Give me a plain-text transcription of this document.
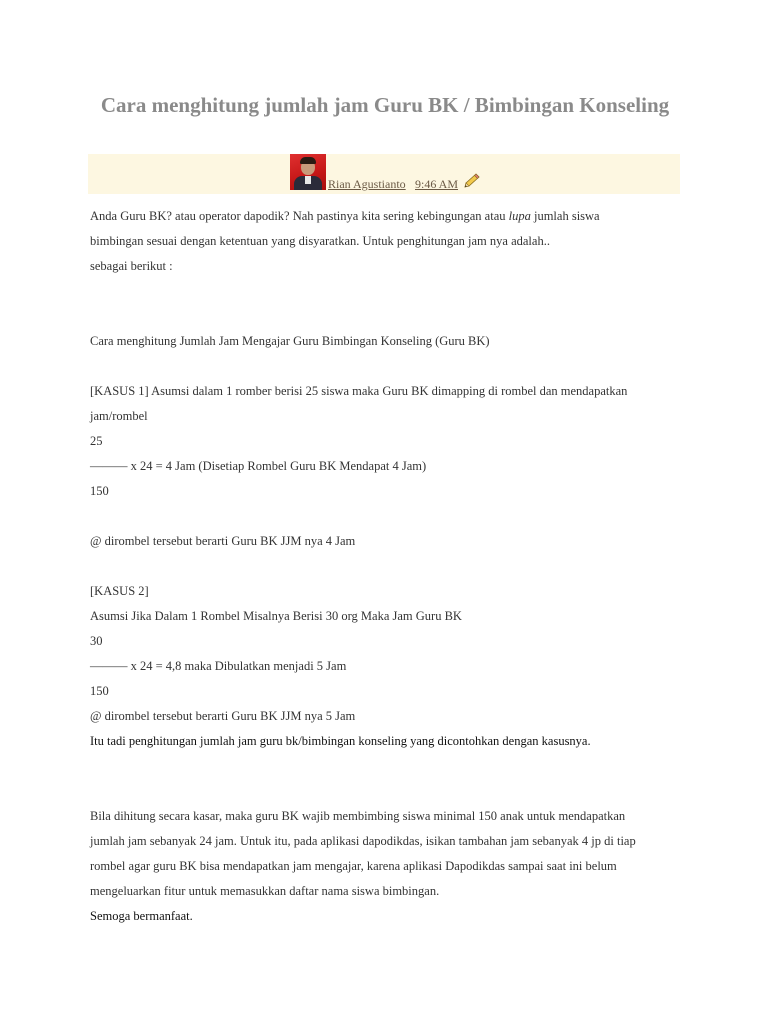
Cara menghitung jumlah jam Guru BK / Bimbingan Konseling
Rian Agustianto 9:46 AM

Anda Guru BK? atau operator dapodik? Nah pastinya kita sering kebingungan atau lupa jumlah siswa

bimbingan sesuai dengan ketentuan yang disyaratkan. Untuk penghitungan jam nya adalah..

sebagai berikut :

Cara menghitung Jumlah Jam Mengajar Guru Bimbingan Konseling (Guru BK)

[KASUS 1] Asumsi dalam 1 romber berisi 25 siswa maka Guru BK dimapping di rombel dan mendapatkan

jam/rombel

25

——— x 24 = 4 Jam (Disetiap Rombel Guru BK Mendapat 4 Jam)

150

@ dirombel tersebut berarti Guru BK JJM nya 4 Jam

[KASUS 2]

Asumsi Jika Dalam 1 Rombel Misalnya Berisi 30 org Maka Jam Guru BK

30

——— x 24 = 4,8 maka Dibulatkan menjadi 5 Jam

150

@ dirombel tersebut berarti Guru BK JJM nya 5 Jam

Itu tadi penghitungan jumlah jam guru bk/bimbingan konseling yang dicontohkan dengan kasusnya.

Bila dihitung secara kasar, maka guru BK wajib membimbing siswa minimal 150 anak untuk mendapatkan

jumlah jam sebanyak 24 jam. Untuk itu, pada aplikasi dapodikdas, isikan tambahan jam sebanyak 4 jp di tiap

rombel agar guru BK bisa mendapatkan jam mengajar, karena aplikasi Dapodikdas sampai saat ini belum

mengeluarkan fitur untuk memasukkan daftar nama siswa bimbingan.

Semoga bermanfaat.
